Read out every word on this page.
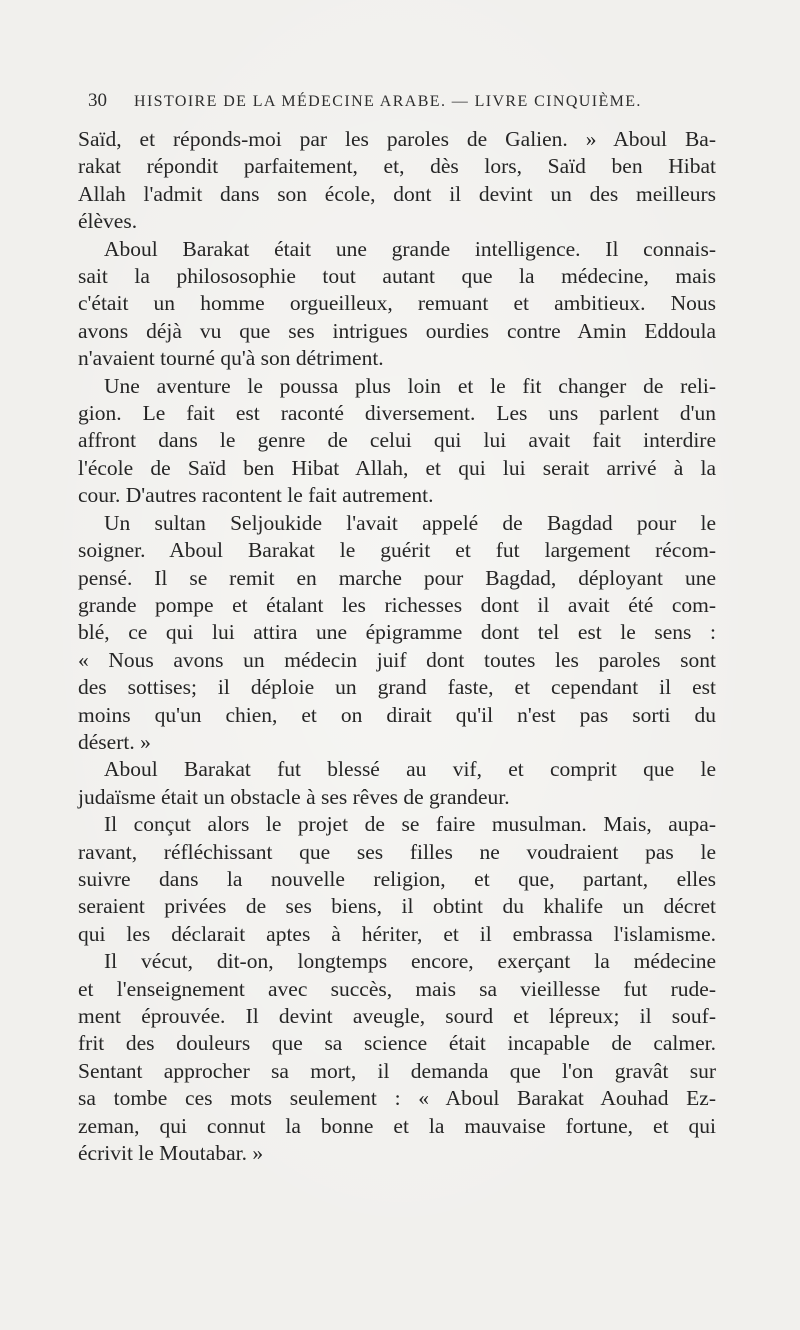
30 HISTOIRE DE LA MÉDECINE ARABE. — LIVRE CINQUIÈME.
Saïd, et réponds-moi par les paroles de Galien. » Aboul Ba-
rakat répondit parfaitement, et, dès lors, Saïd ben Hibat
Allah l'admit dans son école, dont il devint un des meilleurs
élèves.
Aboul Barakat était une grande intelligence. Il connais-
sait la philososophie tout autant que la médecine, mais
c'était un homme orgueilleux, remuant et ambitieux. Nous
avons déjà vu que ses intrigues ourdies contre Amin Eddoula
n'avaient tourné qu'à son détriment.
Une aventure le poussa plus loin et le fit changer de reli-
gion. Le fait est raconté diversement. Les uns parlent d'un
affront dans le genre de celui qui lui avait fait interdire
l'école de Saïd ben Hibat Allah, et qui lui serait arrivé à la
cour. D'autres racontent le fait autrement.
Un sultan Seljoukide l'avait appelé de Bagdad pour le
soigner. Aboul Barakat le guérit et fut largement récom-
pensé. Il se remit en marche pour Bagdad, déployant une
grande pompe et étalant les richesses dont il avait été com-
blé, ce qui lui attira une épigramme dont tel est le sens :
« Nous avons un médecin juif dont toutes les paroles sont
des sottises; il déploie un grand faste, et cependant il est
moins qu'un chien, et on dirait qu'il n'est pas sorti du
désert. »
Aboul Barakat fut blessé au vif, et comprit que le
judaïsme était un obstacle à ses rêves de grandeur.
Il conçut alors le projet de se faire musulman. Mais, aupa-
ravant, réfléchissant que ses filles ne voudraient pas le
suivre dans la nouvelle religion, et que, partant, elles
seraient privées de ses biens, il obtint du khalife un décret
qui les déclarait aptes à hériter, et il embrassa l'islamisme.
Il vécut, dit-on, longtemps encore, exerçant la médecine
et l'enseignement avec succès, mais sa vieillesse fut rude-
ment éprouvée. Il devint aveugle, sourd et lépreux; il souf-
frit des douleurs que sa science était incapable de calmer.
Sentant approcher sa mort, il demanda que l'on gravât sur
sa tombe ces mots seulement : « Aboul Barakat Aouhad Ez-
zeman, qui connut la bonne et la mauvaise fortune, et qui
écrivit le Moutabar. »
